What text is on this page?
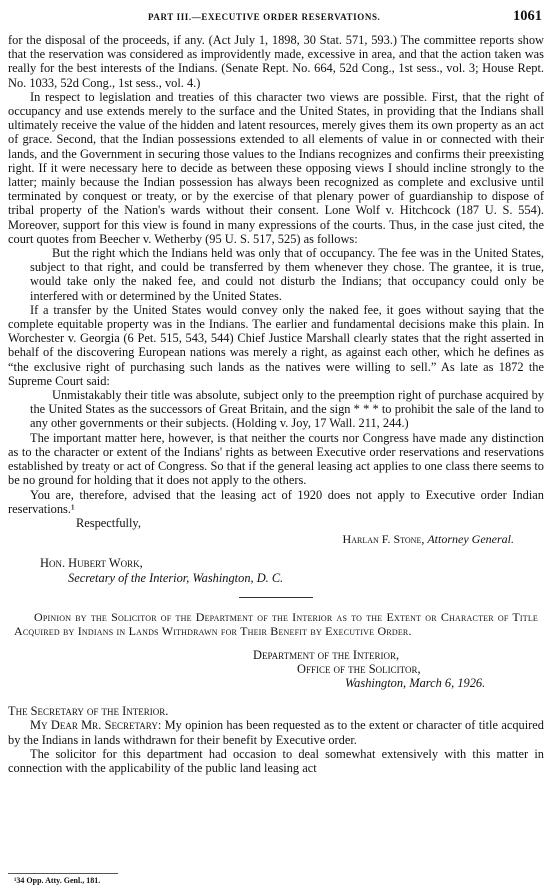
PART III.—EXECUTIVE ORDER RESERVATIONS.	1061

for the disposal of the proceeds, if any. (Act July 1, 1898, 30 Stat. 571, 593.) The committee reports show that the reservation was considered as improvidently made, excessive in area, and that the action taken was really for the best interests of the Indians. (Senate Rept. No. 664, 52d Cong., 1st sess., vol. 3; House Rept. No. 1033, 52d Cong., 1st sess., vol. 4.)

In respect to legislation and treaties of this character two views are possible. First, that the right of occupancy and use extends merely to the surface and the United States, in providing that the Indians shall ultimately receive the value of the hidden and latent resources, merely gives them its own property as an act of grace. Second, that the Indian possessions extended to all elements of value in or connected with their lands, and the Government in securing those values to the Indians recognizes and confirms their preexisting right. If it were necessary here to decide as between these opposing views I should incline strongly to the latter; mainly because the Indian possession has always been recognized as complete and exclusive until terminated by conquest or treaty, or by the exercise of that plenary power of guardianship to dispose of tribal property of the Nation's wards without their consent. Lone Wolf v. Hitchcock (187 U. S. 554). Moreover, support for this view is found in many expressions of the courts. Thus, in the case just cited, the court quotes from Beecher v. Wetherby (95 U. S. 517, 525) as follows:

But the right which the Indians held was only that of occupancy. The fee was in the United States, subject to that right, and could be transferred by them whenever they chose. The grantee, it is true, would take only the naked fee, and could not disturb the Indians; that occupancy could only be interfered with or determined by the United States.

If a transfer by the United States would convey only the naked fee, it goes without saying that the complete equitable property was in the Indians. The earlier and fundamental decisions make this plain. In Worchester v. Georgia (6 Pet. 515, 543, 544) Chief Justice Marshall clearly states that the right asserted in behalf of the discovering European nations was merely a right, as against each other, which he defines as “the exclusive right of purchasing such lands as the natives were willing to sell.” As late as 1872 the Supreme Court said:

Unmistakably their title was absolute, subject only to the preemption right of purchase acquired by the United States as the successors of Great Britain, and the sign * * * to prohibit the sale of the land to any other governments or their subjects. (Holding v. Joy, 17 Wall. 211, 244.)

The important matter here, however, is that neither the courts nor Congress have made any distinction as to the character or extent of the Indians' rights as between Executive order reservations and reservations established by treaty or act of Congress. So that if the general leasing act applies to one class there seems to be no ground for holding that it does not apply to the others.

You are, therefore, advised that the leasing act of 1920 does not apply to Executive order Indian reservations.¹

Respectfully,

Harlan F. Stone, Attorney General.

Hon. Hubert Work,

Secretary of the Interior, Washington, D. C.

Opinion by the Solicitor of the Department of the Interior as to the Extent or Character of Title Acquired by Indians in Lands Withdrawn for Their Benefit by Executive Order.

Department of the Interior,
Office of the Solicitor,
Washington, March 6, 1926.

The Secretary of the Interior.

My Dear Mr. Secretary: My opinion has been requested as to the extent or character of title acquired by the Indians in lands withdrawn for their benefit by Executive order.

The solicitor for this department had occasion to deal somewhat extensively with this matter in connection with the applicability of the public land leasing act

¹34 Opp. Atty. Genl., 181.
